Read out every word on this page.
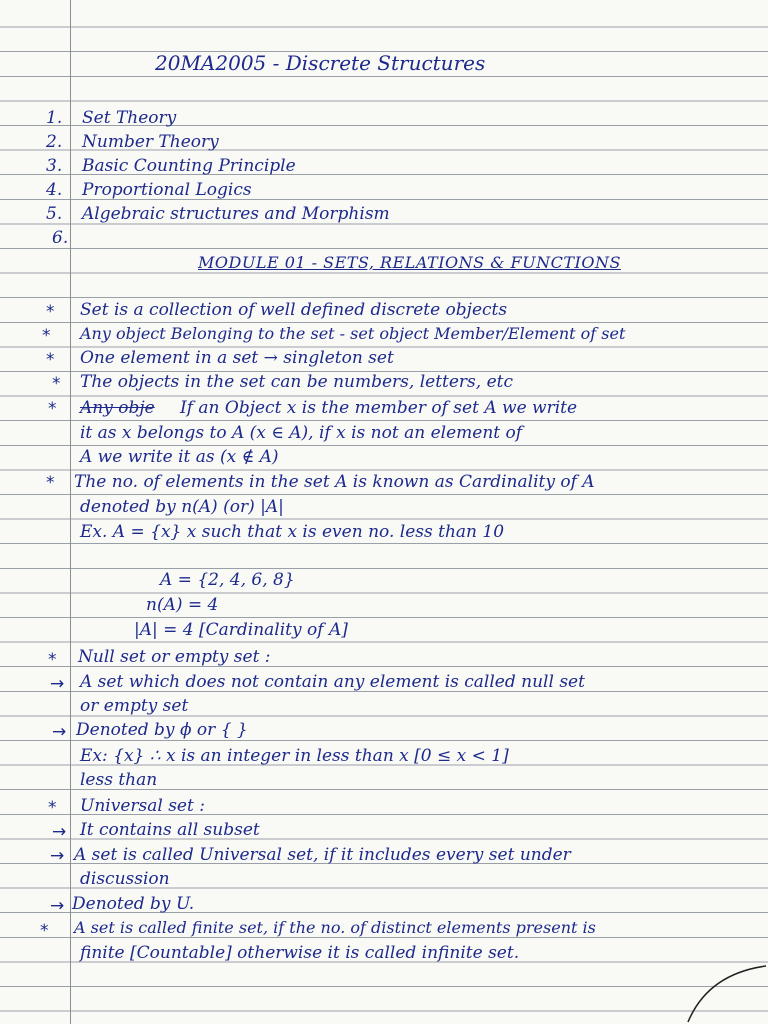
20MA2005 - Discrete Structures
1. Set Theory
2. Number Theory
3. Basic Counting Principle
4. Proportional Logics
5. Algebraic structures and Morphism
6.
MODULE 01 - SETS, RELATIONS & FUNCTIONS
* Set is a collection of well defined discrete objects
* Any object Belonging to the set - set object Member/Element of set
* One element in a set → singleton set
* The objects in the set can be numbers, letters, etc
* Any obje If an Object x is the member of set A we write
it as x belongs to A (x ∈ A), if x is not an element of
A we write it as (x ∉ A)
* The no. of elements in the set A is known as Cardinality of A
denoted by n(A) (or) |A|
Ex. A = {x} x such that x is even no. less than 10
A = {2, 4, 6, 8}
n(A) = 4
|A| = 4 [Cardinality of A]
* Null set or empty set :
→ A set which does not contain any element is called null set
or empty set
→ Denoted by ϕ or { }
Ex: {x} ∴ x is an integer in less than x [0 ≤ x < 1]
less than
* Universal set :
→ It contains all subset
→ A set is called Universal set, if it includes every set under
discussion
→ Denoted by U.
* A set is called finite set, if the no. of distinct elements present is
finite [Countable] otherwise it is called infinite set.
